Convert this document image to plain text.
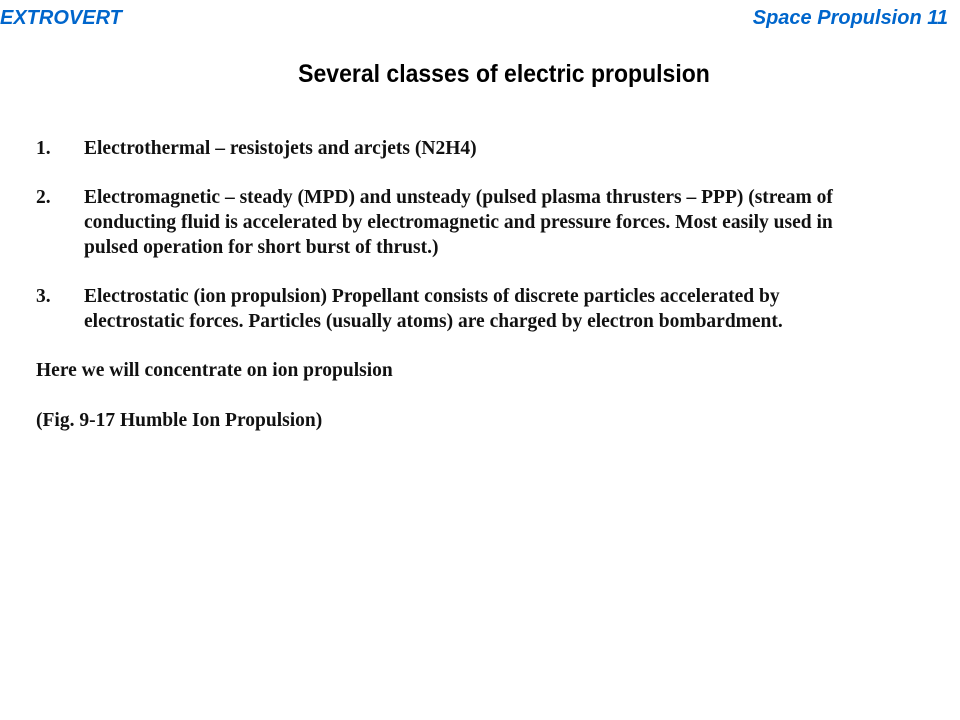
EXTROVERT	Space Propulsion 11
Several classes of electric propulsion
1. Electrothermal – resistojets and arcjets (N2H4)
2. Electromagnetic – steady (MPD) and unsteady (pulsed plasma thrusters – PPP) (stream of conducting fluid is accelerated by electromagnetic and pressure forces. Most easily used in pulsed operation for short burst of thrust.)
3. Electrostatic (ion propulsion) Propellant consists of discrete particles accelerated by electrostatic forces. Particles (usually atoms) are charged by electron bombardment.
Here we will concentrate on ion propulsion
(Fig. 9-17 Humble Ion Propulsion)
